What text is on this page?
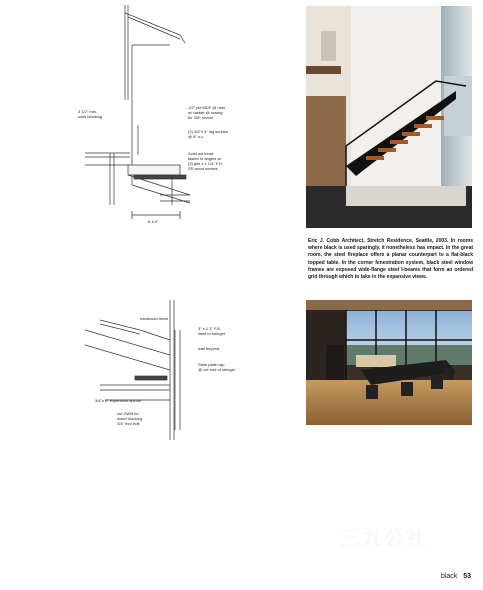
3 1/2" min.
solid blocking
1/2" pld MDF @ riser
w/ rabbet @ nosing
for 3/8" reveal
(2) 3/4"x 4" lag screws
@ 8" o.c.
Solid wd tread
fasten to angles w/
(2) glbl x 1 1/4" F.H.
SS wood screws
8 1/4"
hardwood tread
3" x 1 3" F.B.
weld to stringer
wall beyond
Steel plate cap
@ cut end of stringer
3/4"x 6" expansion anchor
cut GWB for
wood blocking
3/4" thru bolt
Eric J. Cobb Architect, Stretch Residence, Seattle, 2003. In rooms where black is used sparingly, it nonetheless has impact. In the great room, the steel fireplace offers a planar counterpart to a flat-black topped table. In the corner fenestration system, black steel window frames are exposed wide-flange steel I-beams that form an ordered grid through which to take in the expansive views.
三九公社
black 53
